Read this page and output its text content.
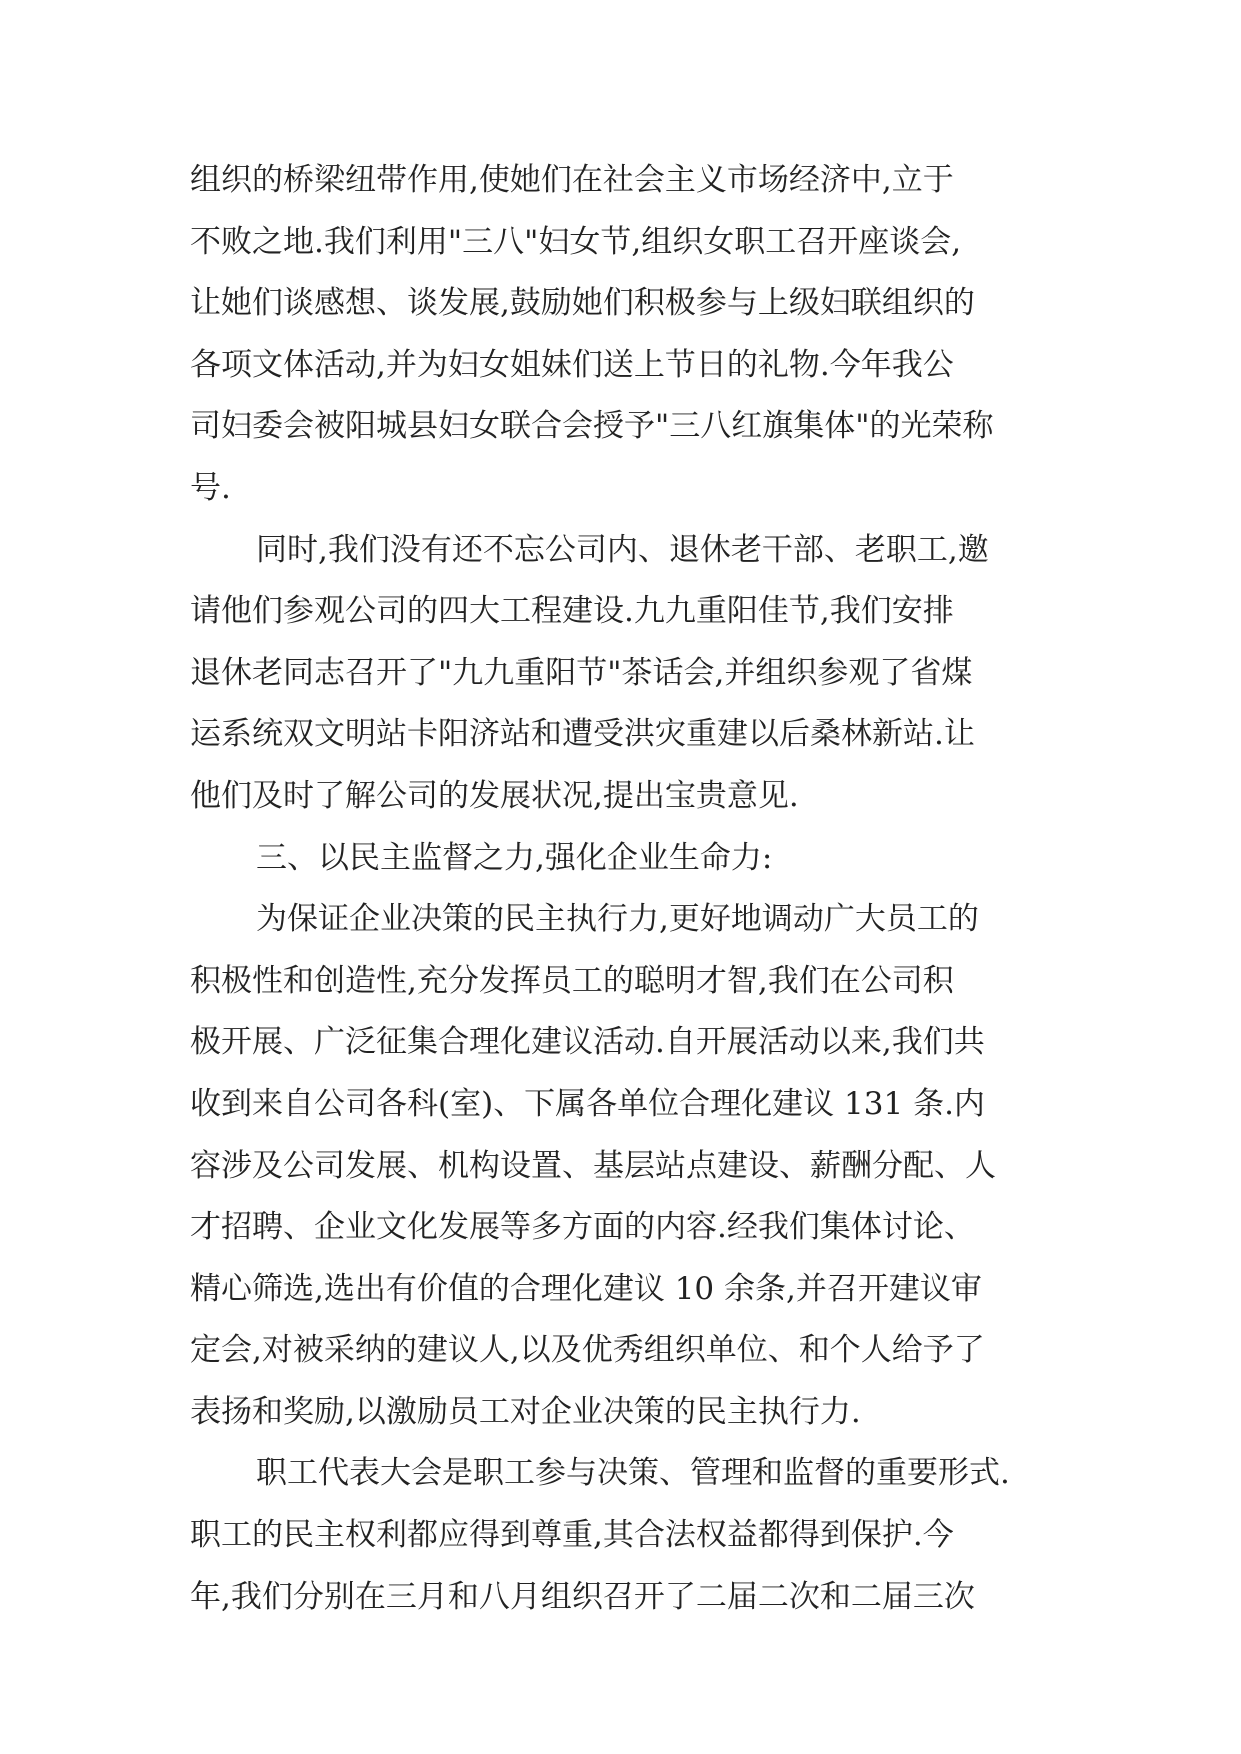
组织的桥梁纽带作用,使她们在社会主义市场经济中,立于

不败之地.我们利用"三八"妇女节,组织女职工召开座谈会,

让她们谈感想、谈发展,鼓励她们积极参与上级妇联组织的

各项文体活动,并为妇女姐妹们送上节日的礼物.今年我公

司妇委会被阳城县妇女联合会授予"三八红旗集体"的光荣称

号.

同时,我们没有还不忘公司内、退休老干部、老职工,邀

请他们参观公司的四大工程建设.九九重阳佳节,我们安排

退休老同志召开了"九九重阳节"茶话会,并组织参观了省煤

运系统双文明站卡阳济站和遭受洪灾重建以后桑林新站.让

他们及时了解公司的发展状况,提出宝贵意见.

三、以民主监督之力,强化企业生命力:

为保证企业决策的民主执行力,更好地调动广大员工的

积极性和创造性,充分发挥员工的聪明才智,我们在公司积

极开展、广泛征集合理化建议活动.自开展活动以来,我们共

收到来自公司各科(室)、下属各单位合理化建议 131 条.内

容涉及公司发展、机构设置、基层站点建设、薪酬分配、人

才招聘、企业文化发展等多方面的内容.经我们集体讨论、

精心筛选,选出有价值的合理化建议 10 余条,并召开建议审

定会,对被采纳的建议人,以及优秀组织单位、和个人给予了

表扬和奖励,以激励员工对企业决策的民主执行力.

职工代表大会是职工参与决策、管理和监督的重要形式.

职工的民主权利都应得到尊重,其合法权益都得到保护.今

年,我们分别在三月和八月组织召开了二届二次和二届三次
